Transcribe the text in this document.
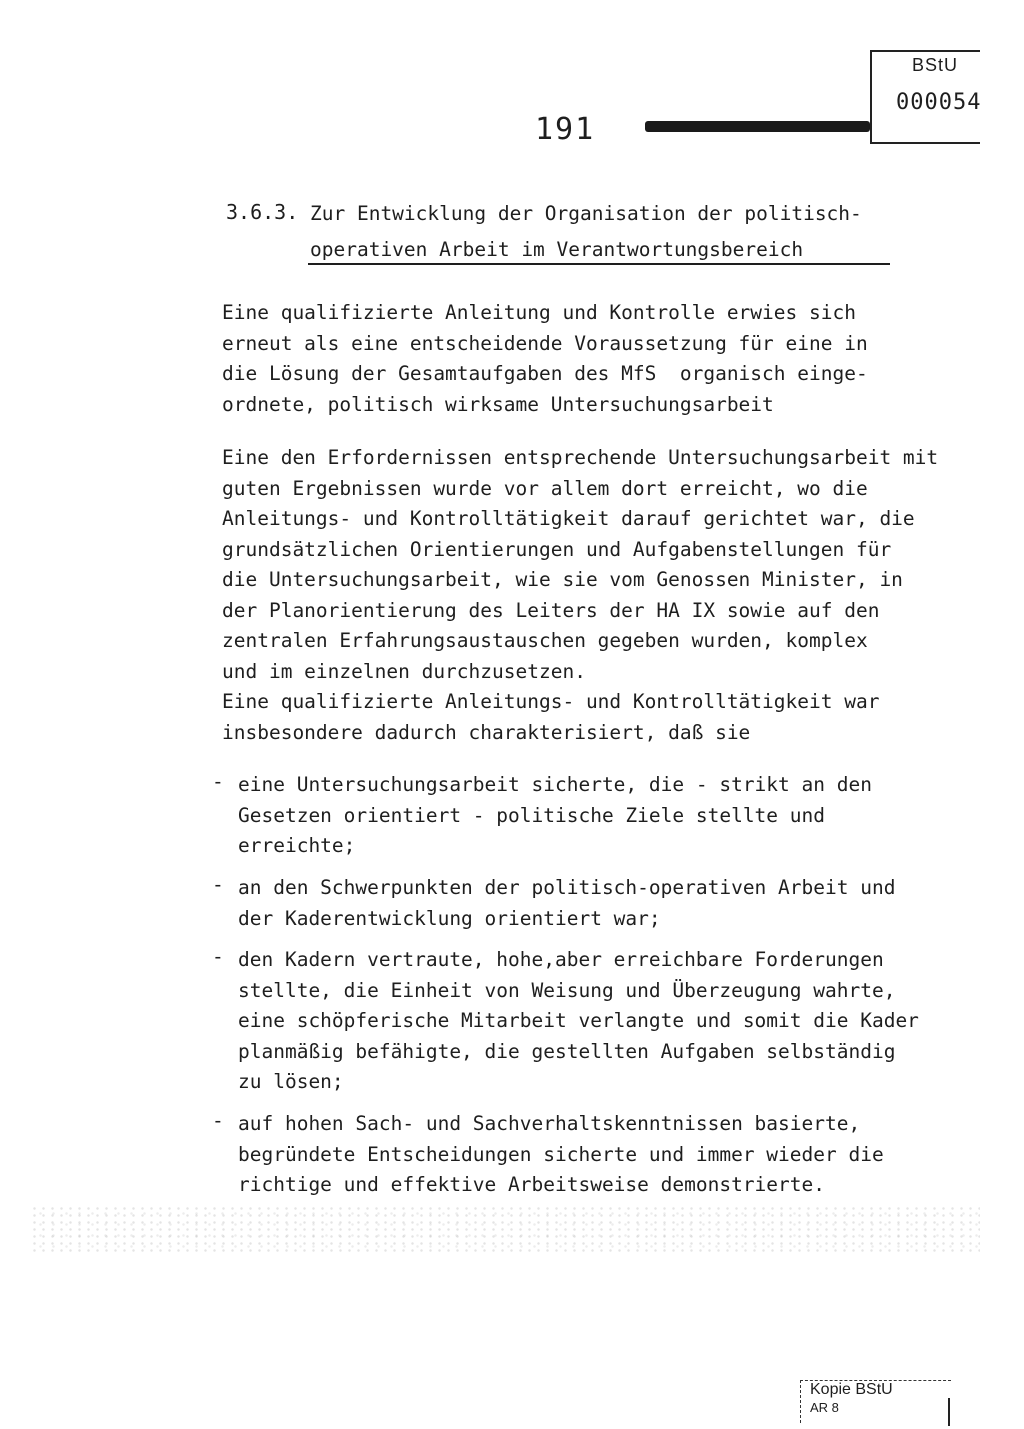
BStU
000054
191
3.6.3. Zur Entwicklung der Organisation der politisch-
operativen Arbeit im Verantwortungsbereich

Eine qualifizierte Anleitung und Kontrolle erwies sich
erneut als eine entscheidende Voraussetzung für eine in
die Lösung der Gesamtaufgaben des MfS  organisch einge-
ordnete, politisch wirksame Untersuchungsarbeit

Eine den Erfordernissen entsprechende Untersuchungsarbeit mit
guten Ergebnissen wurde vor allem dort erreicht, wo die
Anleitungs- und Kontrolltätigkeit darauf gerichtet war, die
grundsätzlichen Orientierungen und Aufgabenstellungen für
die Untersuchungsarbeit, wie sie vom Genossen Minister, in
der Planorientierung des Leiters der HA IX sowie auf den
zentralen Erfahrungsaustauschen gegeben wurden, komplex
und im einzelnen durchzusetzen.

Eine qualifizierte Anleitungs- und Kontrolltätigkeit war
insbesondere dadurch charakterisiert, daß sie

- eine Untersuchungsarbeit sicherte, die - strikt an den
Gesetzen orientiert - politische Ziele stellte und
erreichte;

- an den Schwerpunkten der politisch-operativen Arbeit und
der Kaderentwicklung orientiert war;

- den Kadern vertraute, hohe,aber erreichbare Forderungen
stellte, die Einheit von Weisung und Überzeugung wahrte,
eine schöpferische Mitarbeit verlangte und somit die Kader
planmäßig befähigte, die gestellten Aufgaben selbständig
zu lösen;

- auf hohen Sach- und Sachverhaltskenntnissen basierte,
begründete Entscheidungen sicherte und immer wieder die
richtige und effektive Arbeitsweise demonstrierte.

Kopie BStU
AR 8
